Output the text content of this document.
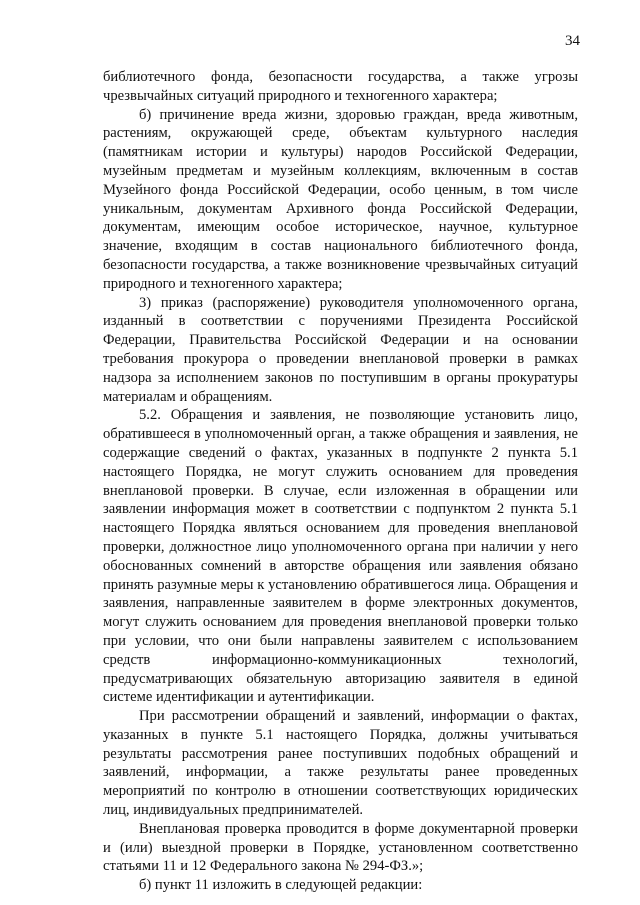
34

библиотечного фонда, безопасности государства, а также угрозы чрезвычайных ситуаций природного и техногенного характера;

б) причинение вреда жизни, здоровью граждан, вреда животным, растениям, окружающей среде, объектам культурного наследия (памятникам истории и культуры) народов Российской Федерации, музейным предметам и музейным коллекциям, включенным в состав Музейного фонда Российской Федерации, особо ценным, в том числе уникальным, документам Архивного фонда Российской Федерации, документам, имеющим особое историческое, научное, культурное значение, входящим в состав национального библиотечного фонда, безопасности государства, а также возникновение чрезвычайных ситуаций природного и техногенного характера;

3) приказ (распоряжение) руководителя уполномоченного органа, изданный в соответствии с поручениями Президента Российской Федерации, Правительства Российской Федерации и на основании требования прокурора о проведении внеплановой проверки в рамках надзора за исполнением законов по поступившим в органы прокуратуры материалам и обращениям.

5.2. Обращения и заявления, не позволяющие установить лицо, обратившееся в уполномоченный орган, а также обращения и заявления, не содержащие сведений о фактах, указанных в подпункте 2 пункта 5.1 настоящего Порядка, не могут служить основанием для проведения внеплановой проверки. В случае, если изложенная в обращении или заявлении информация может в соответствии с подпунктом 2 пункта 5.1 настоящего Порядка являться основанием для проведения внеплановой проверки, должностное лицо уполномоченного органа при наличии у него обоснованных сомнений в авторстве обращения или заявления обязано принять разумные меры к установлению обратившегося лица. Обращения и заявления, направленные заявителем в форме электронных документов, могут служить основанием для проведения внеплановой проверки только при условии, что они были направлены заявителем с использованием средств информационно-коммуникационных технологий, предусматривающих обязательную авторизацию заявителя в единой системе идентификации и аутентификации.

При рассмотрении обращений и заявлений, информации о фактах, указанных в пункте 5.1 настоящего Порядка, должны учитываться результаты рассмотрения ранее поступивших подобных обращений и заявлений, информации, а также результаты ранее проведенных мероприятий по контролю в отношении соответствующих юридических лиц, индивидуальных предпринимателей.

Внеплановая проверка проводится в форме документарной проверки и (или) выездной проверки в Порядке, установленном соответственно статьями 11 и 12 Федерального закона № 294-ФЗ.»;

б) пункт 11 изложить в следующей редакции:
